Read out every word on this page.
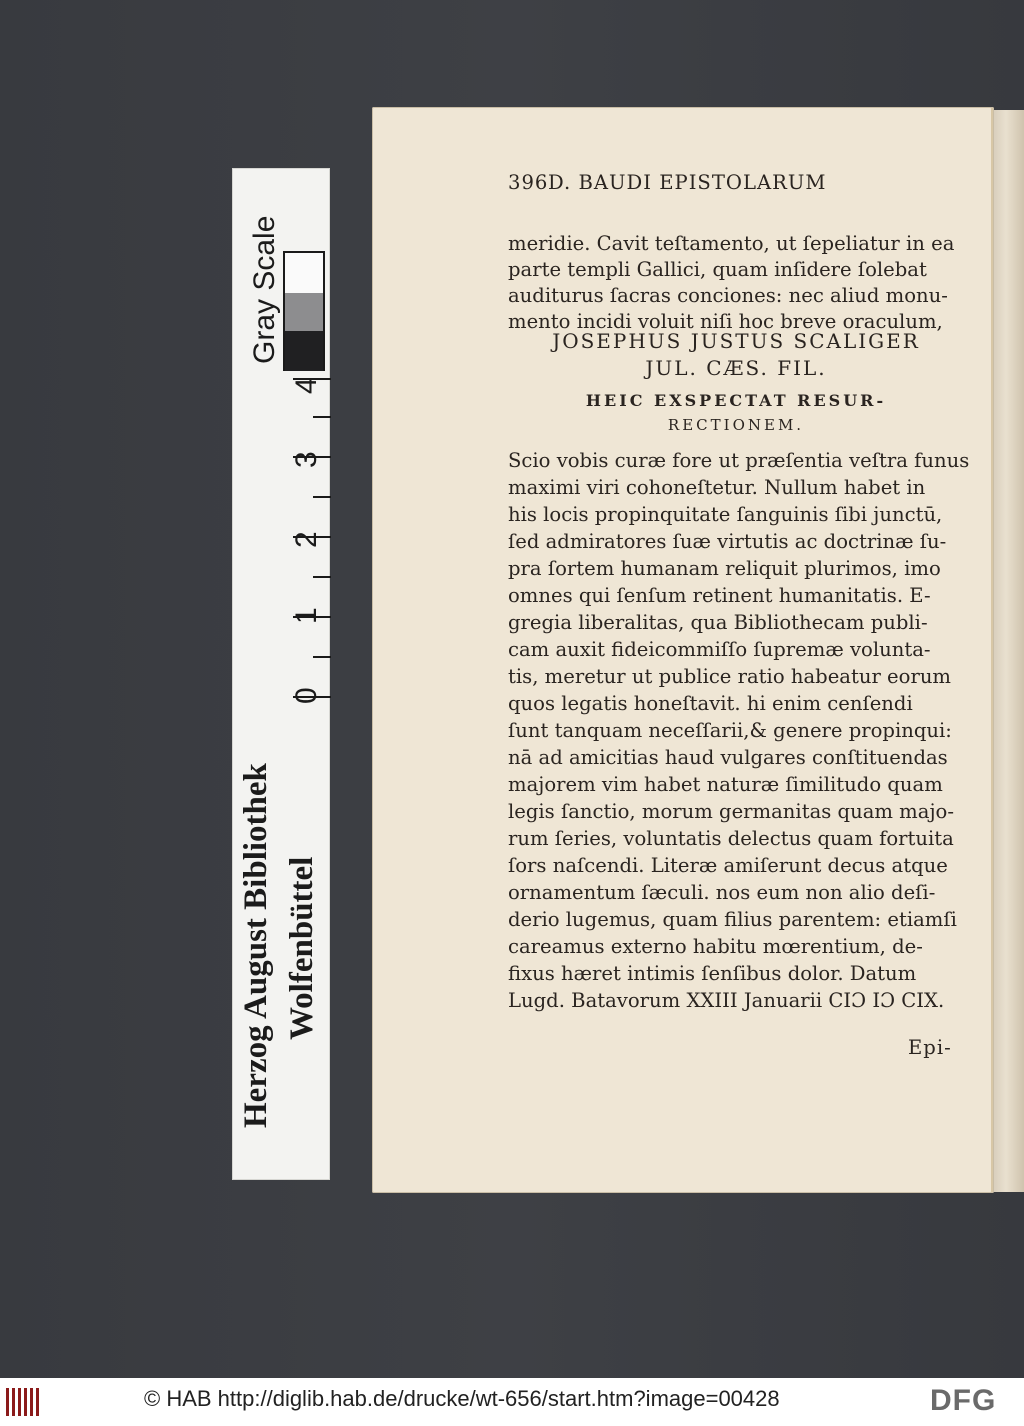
Gray Scale
0
1
2
3
4
Herzog August Bibliothek Wolfenbüttel
396 D. BAUDI EPISTOLARUM
meridie. Cavit teſtamento, ut ſepeliatur in ea
parte templi Gallici, quam inſidere ſolebat
auditurus ſacras conciones: nec aliud monu-
mento incidi voluit niſi hoc breve oraculum,
JOSEPHUS JUSTUS SCALIGER
JUL. CÆS. FIL.
HEIC EXSPECTAT RESUR-
RECTIONEM.
Scio vobis curæ fore ut præſentia veſtra funus
maximi viri cohoneſtetur. Nullum habet in
his locis propinquitate ſanguinis ſibi junctū,
ſed admiratores ſuæ virtutis ac doctrinæ ſu-
pra ſortem humanam reliquit plurimos, imo
omnes qui ſenſum retinent humanitatis. E-
gregia liberalitas, qua Bibliothecam publi-
cam auxit fideicommiſſo ſupremæ volunta-
tis, meretur ut publice ratio habeatur eorum
quos legatis honeſtavit. hi enim cenſendi
ſunt tanquam neceſſarii,& genere propinqui:
nā ad amicitias haud vulgares conſtituendas
majorem vim habet naturæ ſimilitudo quam
legis ſanctio, morum germanitas quam majo-
rum ſeries, voluntatis delectus quam fortuita
ſors naſcendi. Literæ amiſerunt decus atque
ornamentum ſæculi. nos eum non alio deſi-
derio lugemus, quam filius parentem: etiamſi
careamus externo habitu mœrentium, de-
fixus hæret intimis ſenſibus dolor. Datum
Lugd. Batavorum XXIII Januarii CIƆ IƆ CIX.
Epi-
© HAB http://diglib.hab.de/drucke/wt-656/start.htm?image=00428	DFG
